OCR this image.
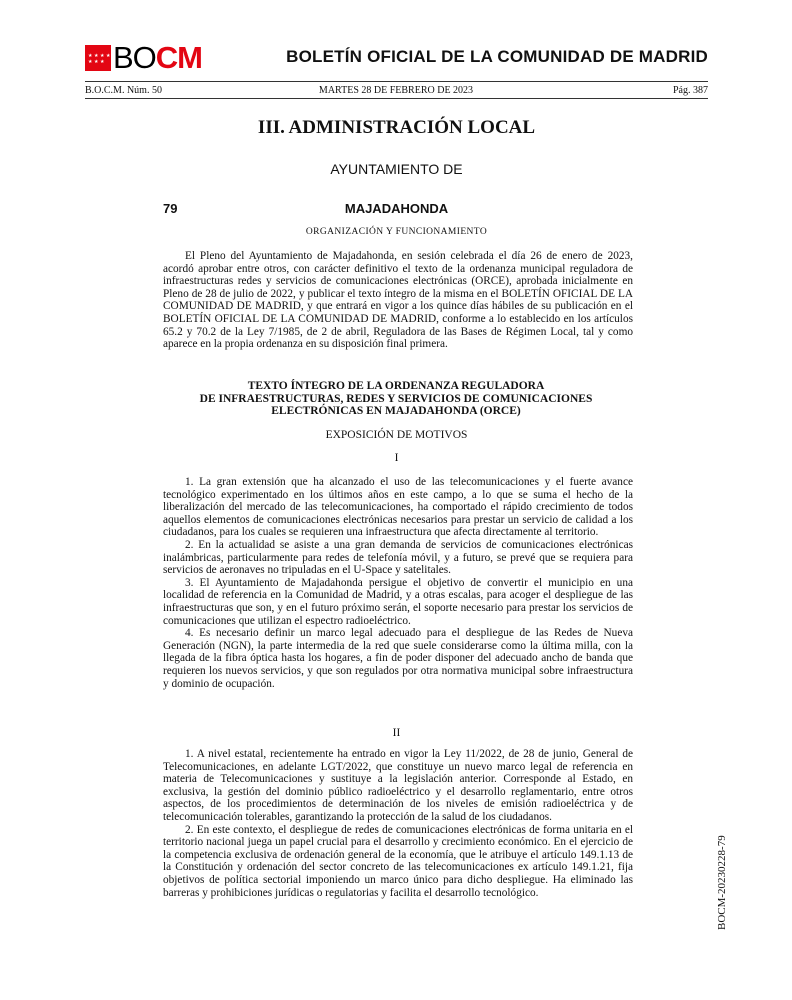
★ ★ ★ ★
★ ★ ★ BOCM	BOLETÍN OFICIAL DE LA COMUNIDAD DE MADRID
B.O.C.M. Núm. 50	MARTES 28 DE FEBRERO DE 2023	Pág. 387
III. ADMINISTRACIÓN LOCAL
AYUNTAMIENTO DE
79	MAJADAHONDA
ORGANIZACIÓN Y FUNCIONAMIENTO

El Pleno del Ayuntamiento de Majadahonda, en sesión celebrada el día 26 de enero de 2023, acordó aprobar entre otros, con carácter definitivo el texto de la ordenanza municipal reguladora de infraestructuras redes y servicios de comunicaciones electrónicas (ORCE), aprobada inicialmente en Pleno de 28 de julio de 2022, y publicar el texto íntegro de la misma en el BOLETÍN OFICIAL DE LA COMUNIDAD DE MADRID, y que entrará en vigor a los quince días hábiles de su publicación en el BOLETÍN OFICIAL DE LA COMUNIDAD DE MADRID, conforme a lo establecido en los artículos 65.2 y 70.2 de la Ley 7/1985, de 2 de abril, Reguladora de las Bases de Régimen Local, tal y como aparece en la propia ordenanza en su disposición final primera.

TEXTO ÍNTEGRO DE LA ORDENANZA REGULADORA
DE INFRAESTRUCTURAS, REDES Y SERVICIOS DE COMUNICACIONES
ELECTRÓNICAS EN MAJADAHONDA (ORCE)
EXPOSICIÓN DE MOTIVOS
I

1. La gran extensión que ha alcanzado el uso de las telecomunicaciones y el fuerte avance tecnológico experimentado en los últimos años en este campo, a lo que se suma el hecho de la liberalización del mercado de las telecomunicaciones, ha comportado el rápido crecimiento de todos aquellos elementos de comunicaciones electrónicas necesarios para prestar un servicio de calidad a los ciudadanos, para los cuales se requieren una infraestructura que afecta directamente al territorio.

2. En la actualidad se asiste a una gran demanda de servicios de comunicaciones electrónicas inalámbricas, particularmente para redes de telefonía móvil, y a futuro, se prevé que se requiera para servicios de aeronaves no tripuladas en el U-Space y satelitales.

3. El Ayuntamiento de Majadahonda persigue el objetivo de convertir el municipio en una localidad de referencia en la Comunidad de Madrid, y a otras escalas, para acoger el despliegue de las infraestructuras que son, y en el futuro próximo serán, el soporte necesario para prestar los servicios de comunicaciones que utilizan el espectro radioeléctrico.

4. Es necesario definir un marco legal adecuado para el despliegue de las Redes de Nueva Generación (NGN), la parte intermedia de la red que suele considerarse como la última milla, con la llegada de la fibra óptica hasta los hogares, a fin de poder disponer del adecuado ancho de banda que requieren los nuevos servicios, y que son regulados por otra normativa municipal sobre infraestructura y dominio de ocupación.

II

1. A nivel estatal, recientemente ha entrado en vigor la Ley 11/2022, de 28 de junio, General de Telecomunicaciones, en adelante LGT/2022, que constituye un nuevo marco legal de referencia en materia de Telecomunicaciones y sustituye a la legislación anterior. Corresponde al Estado, en exclusiva, la gestión del dominio público radioeléctrico y el desarrollo reglamentario, entre otros aspectos, de los procedimientos de determinación de los niveles de emisión radioeléctrica y de telecomunicación tolerables, garantizando la protección de la salud de los ciudadanos.

2. En este contexto, el despliegue de redes de comunicaciones electrónicas de forma unitaria en el territorio nacional juega un papel crucial para el desarrollo y crecimiento económico. En el ejercicio de la competencia exclusiva de ordenación general de la economía, que le atribuye el artículo 149.1.13 de la Constitución y ordenación del sector concreto de las telecomunicaciones ex artículo 149.1.21, fija objetivos de política sectorial imponiendo un marco único para dicho despliegue. Ha eliminado las barreras y prohibiciones jurídicas o regulatorias y facilita el desarrollo tecnológico.	BOCM-20230228-79
